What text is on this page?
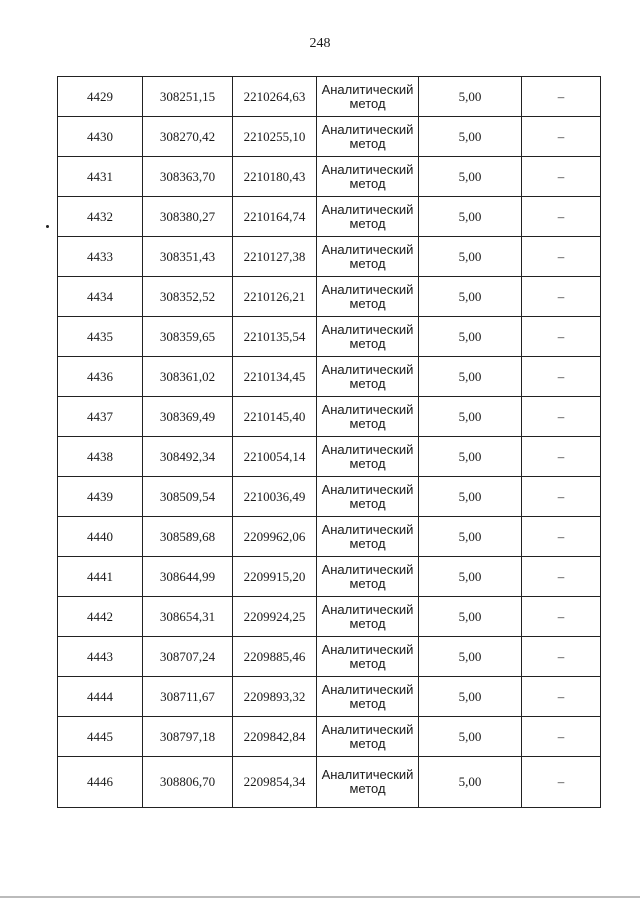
248
4429	308251,15	2210264,63	Аналитический метод	5,00	–
4430	308270,42	2210255,10	Аналитический метод	5,00	–
4431	308363,70	2210180,43	Аналитический метод	5,00	–
4432	308380,27	2210164,74	Аналитический метод	5,00	–
4433	308351,43	2210127,38	Аналитический метод	5,00	–
4434	308352,52	2210126,21	Аналитический метод	5,00	–
4435	308359,65	2210135,54	Аналитический метод	5,00	–
4436	308361,02	2210134,45	Аналитический метод	5,00	–
4437	308369,49	2210145,40	Аналитический метод	5,00	–
4438	308492,34	2210054,14	Аналитический метод	5,00	–
4439	308509,54	2210036,49	Аналитический метод	5,00	–
4440	308589,68	2209962,06	Аналитический метод	5,00	–
4441	308644,99	2209915,20	Аналитический метод	5,00	–
4442	308654,31	2209924,25	Аналитический метод	5,00	–
4443	308707,24	2209885,46	Аналитический метод	5,00	–
4444	308711,67	2209893,32	Аналитический метод	5,00	–
4445	308797,18	2209842,84	Аналитический метод	5,00	–
4446	308806,70	2209854,34	Аналитический метод	5,00	–
